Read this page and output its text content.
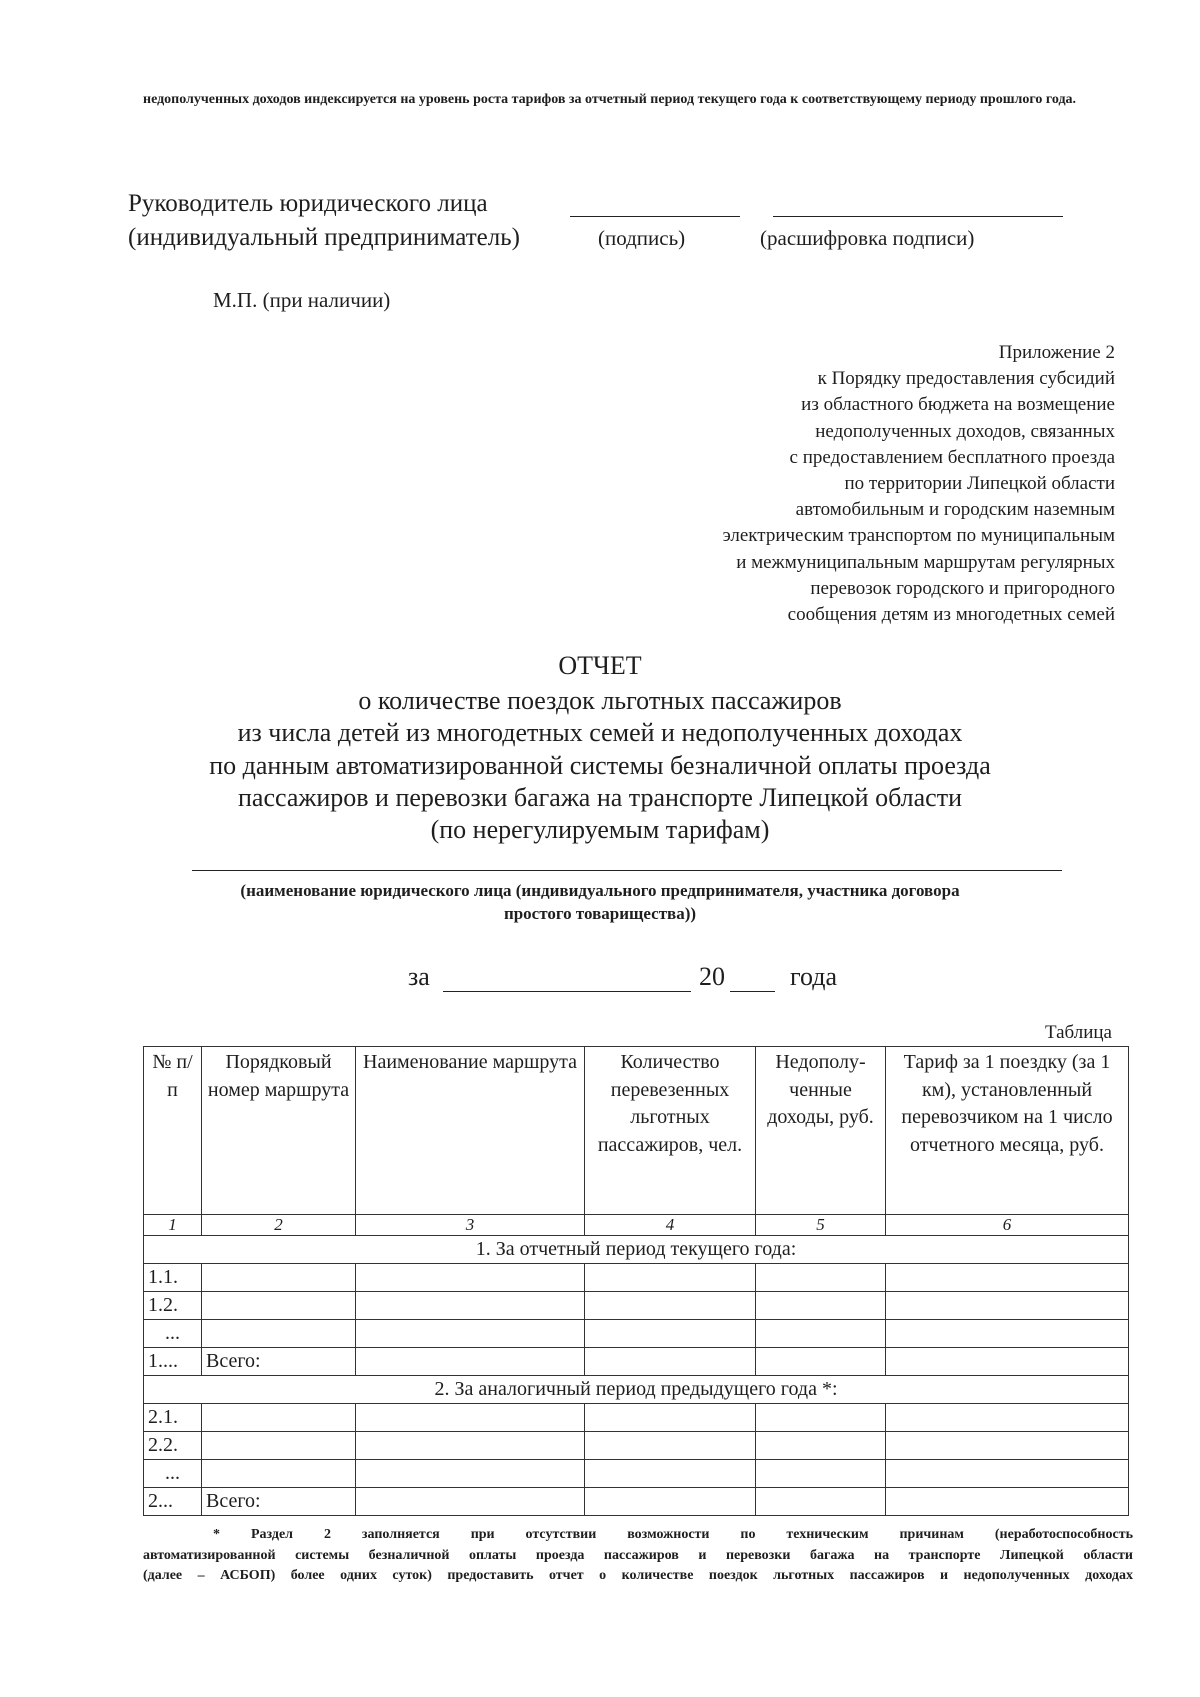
недополученных доходов индексируется на уровень роста тарифов за отчетный период текущего года к соответствующему периоду прошлого года.
Руководитель юридического лица
(индивидуальный предприниматель)	(подпись)	(расшифровка подписи)
М.П. (при наличии)
Приложение 2
к Порядку предоставления субсидий
из областного бюджета на возмещение
недополученных доходов, связанных
с предоставлением бесплатного проезда
по территории Липецкой области
автомобильным и городским наземным
электрическим транспортом по муниципальным
и межмуниципальным маршрутам регулярных
перевозок городского и пригородного
сообщения детям из многодетных семей
ОТЧЕТ
о количестве поездок льготных пассажиров
из числа детей из многодетных семей и недополученных доходах
по данным автоматизированной системы безналичной оплаты проезда
пассажиров и перевозки багажа на транспорте Липецкой области
(по нерегулируемым тарифам)
(наименование юридического лица (индивидуального предпринимателя, участника договора
простого товарищества))
за	20	года
Таблица
№ п/п	Порядковый номер маршрута	Наименование маршрута	Количество перевезенных льготных пассажиров, чел.	Недополу-ченные доходы, руб.	Тариф за 1 поездку (за 1 км), установленный перевозчиком на 1 число отчетного месяца, руб.
1	2	3	4	5	6
1. За отчетный период текущего года:					
1.1.					
1.2.					
...					
1....	Всего:				
2. За аналогичный период предыдущего года *:					
2.1.					
2.2.					
...					
2...	Всего:				
* Раздел 2 заполняется при отсутствии возможности по техническим причинам (неработоспособность
автоматизированной системы безналичной оплаты проезда пассажиров и перевозки багажа на транспорте Липецкой области
(далее – АСБОП) более одних суток) предоставить отчет о количестве поездок льготных пассажиров и недополученных доходах
